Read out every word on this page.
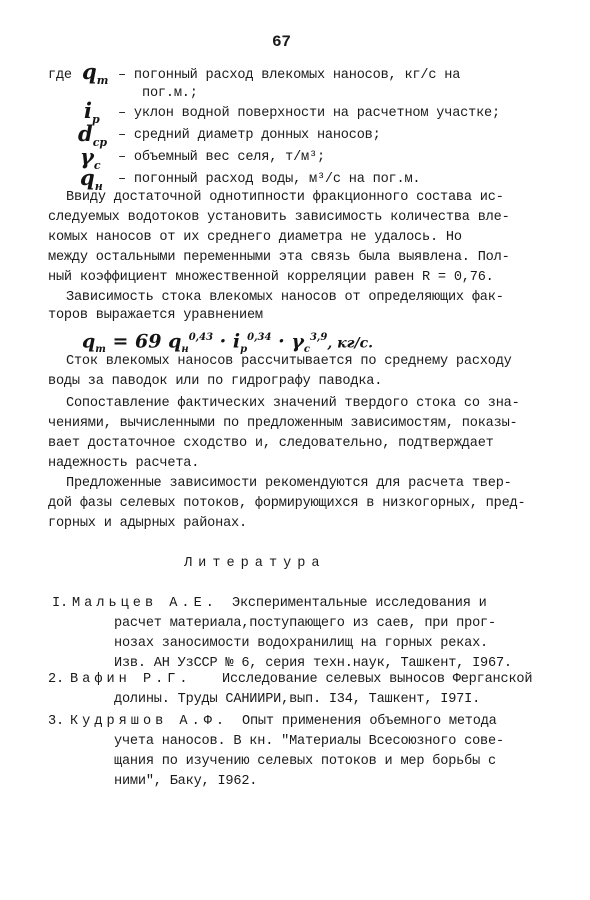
67
где $q_т$ – погонный расход влекомых наносов, кг/с на
пог.м.;
$i_р$ – уклон водной поверхности на расчетном участке;
$d_{ср}$ – средний диаметр донных наносов;
$\gamma_с$
– объемный вес селя, т/м³;
$q_н$ – погонный расход воды, м³/с на пог.м.
Ввиду достаточной однотипности фракционного состава ис-
следуемых водотоков установить зависимость количества вле-
комых наносов от их среднего диаметра не удалось. Но
между остальными переменными эта связь была выявлена. Пол-
ный коэффициент множественной корреляции равен R = 0,76.
Зависимость стока влекомых наносов от определяющих фак-
торов выражается уравнением
$q_т = 69$ $q_н^{0,43} \cdot i_р^{0,34} \cdot \gamma_с^{3,9}$, кг/с.
Сток влекомых наносов рассчитывается по среднему расходу
воды за паводок или по гидрографу паводка.
Сопоставление фактических значений твердого стока со зна-
чениями, вычисленными по предложенным зависимостям, показы-
вает достаточное сходство и, следовательно, подтверждает
надежность расчета.
Предложенные зависимости рекомендуются для расчета твер-
дой фазы селевых потоков, формирующихся в низкогорных, пред-
горных и адырных районах.
Литература
I. Мальцев А.Е. Экспериментальные исследования и
расчет материала,поступающего из саев, при прог-
нозах заносимости водохранилищ на горных реках.
Изв. АН УзССР № 6, серия техн.наук, Ташкент, I967.
2. Вафин Р.Г. Исследование селевых выносов Ферганской
долины. Труды САНИИРИ,вып. I34, Ташкент, I97I.
3. Кудряшов А.Ф. Опыт применения объемного метода
учета наносов. В кн. "Материалы Всесоюзного сове-
щания по изучению селевых потоков и мер борьбы с
ними", Баку, I962.
